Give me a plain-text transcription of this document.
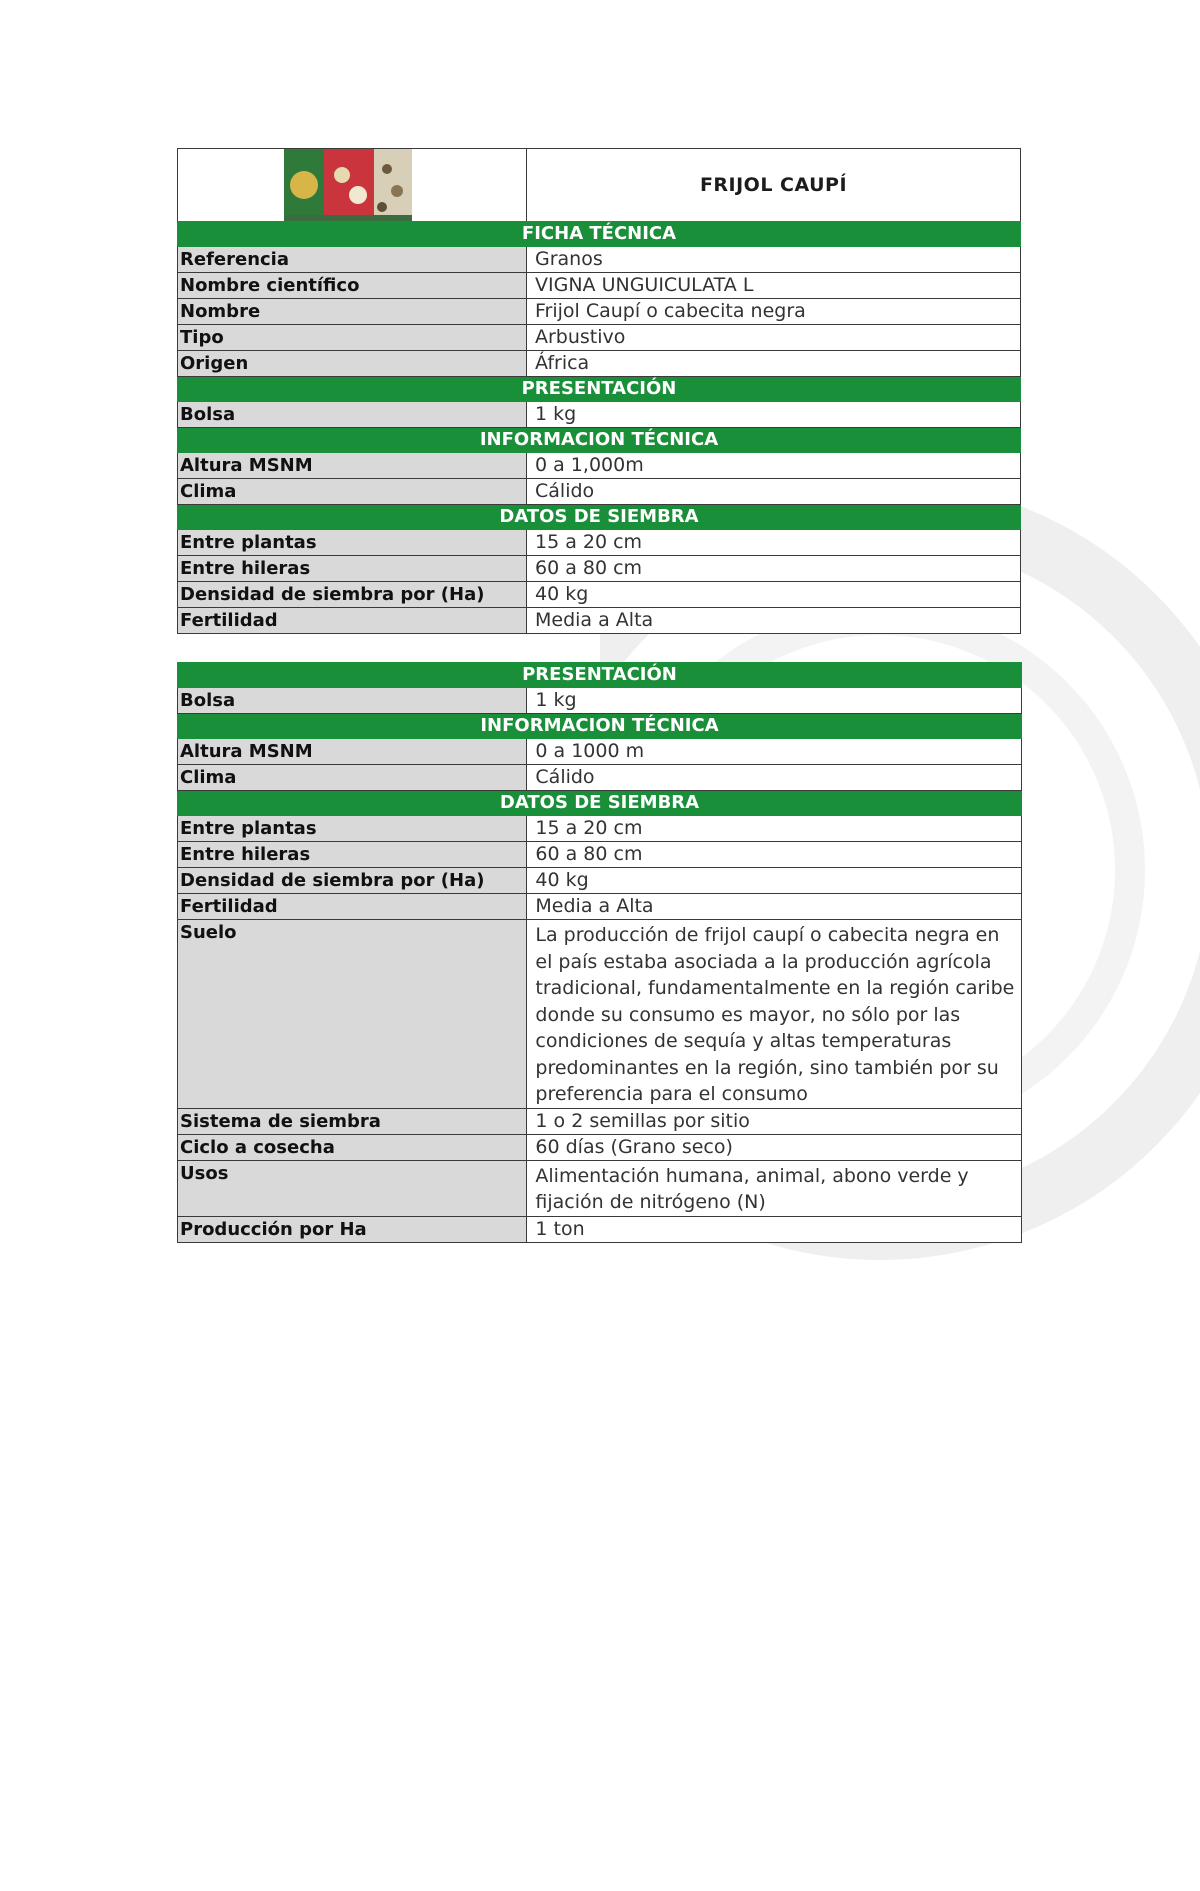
	FRIJOL CAUPÍ
FICHA TÉCNICA	
Referencia	Granos
Nombre científico	VIGNA UNGUICULATA L
Nombre	Frijol Caupí o cabecita negra
Tipo	Arbustivo
Origen	África
PRESENTACIÓN	
Bolsa	1 kg
INFORMACION TÉCNICA	
Altura MSNM	0 a 1,000m
Clima	Cálido
DATOS DE SIEMBRA	
Entre plantas	15 a 20 cm
Entre hileras	60 a 80 cm
Densidad de siembra por (Ha)	40 kg
Fertilidad	Media a Alta
PRESENTACIÓN	
Bolsa	1 kg
INFORMACION TÉCNICA	
Altura MSNM	0 a 1000 m
Clima	Cálido
DATOS DE SIEMBRA	
Entre plantas	15 a 20 cm
Entre hileras	60 a 80 cm
Densidad de siembra por (Ha)	40 kg
Fertilidad	Media a Alta
Suelo	La producción de frijol caupí o cabecita negra en el país estaba asociada a la producción agrícola tradicional, fundamentalmente en la región caribe donde su consumo es mayor, no sólo por las condiciones de sequía y altas temperaturas predominantes en la región, sino también por su preferencia para el consumo
Sistema de siembra	1 o 2 semillas por sitio
Ciclo a cosecha	60 días (Grano seco)
Usos	Alimentación humana, animal, abono verde y fijación de nitrógeno (N)
Producción por Ha	1 ton
